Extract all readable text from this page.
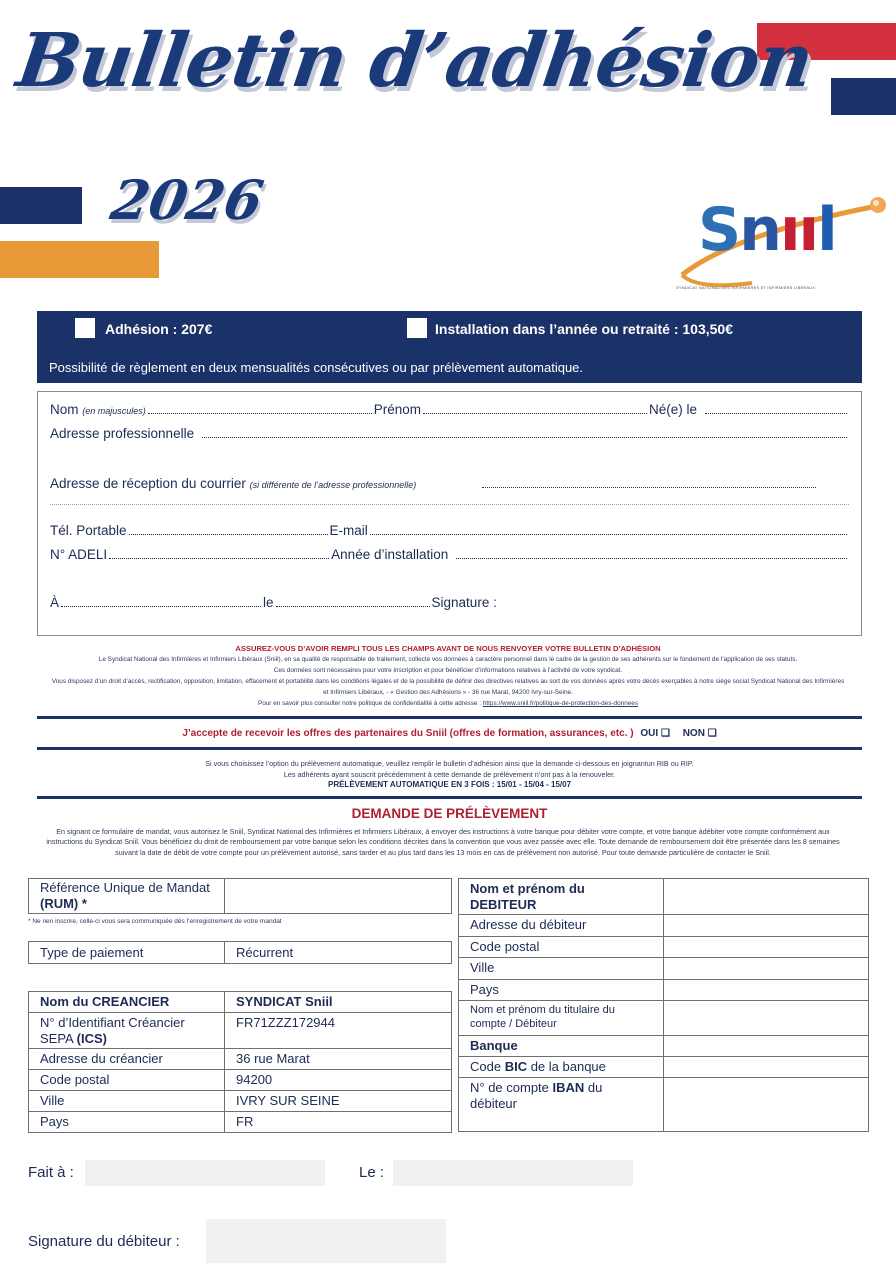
Bulletin d’adhésion
2026	Snııl
SYNDICAT NATIONAL DES INFIRMIÈRES ET INFIRMIERS LIBÉRAUX
Adhésion : 207€	Installation dans l’année ou retraité : 103,50€
Possibilité de règlement en deux mensualités consécutives ou par prélèvement automatique.
Nom (en majuscules)	Prénom	Né(e) le
Adresse professionnelle
Adresse de réception du courrier (si différente de l’adresse professionnelle)
Tél. Portable	E-mail
N° ADELI	Année d’installation
À	le	Signature :
ASSUREZ-VOUS D’AVOIR REMPLI TOUS LES CHAMPS AVANT DE NOUS RENVOYER VOTRE BULLETIN D’ADHÉSION
Le Syndicat National des Infirmières et Infirmiers Libéraux (Sniil), en sa qualité de responsable de traitement, collecte vos données à caractère personnel dans le cadre de la gestion de ses adhérents sur le fondement de l’application de ses statuts.
Ces données sont nécessaires pour votre inscription et pour bénéficier d’informations relatives à l’activité de votre syndicat.
Vous disposez d’un droit d’accès, rectification, opposition, limitation, effacement et portabilité dans les conditions légales et de la possibilité de définir des directives relatives au sort de vos données après votre décès exerçables à notre siège social Syndicat National des Infirmières
et Infirmiers Libéraux, - « Gestion des Adhésions » - 36 rue Marat, 94200 Ivry-sur-Seine.
Pour en savoir plus consulter notre politique de confidentialité à cette adresse : https://www.sniil.fr/politique-de-protection-des-donnees
J’accepte de recevoir les offres des partenaires du Sniil (offres de formation, assurances, etc. ) OUI ❑ NON ❑
Si vous choisissez l’option du prélèvement automatique, veuillez remplir le bulletin d’adhésion ainsi que la demande ci-dessous en joignantun RIB ou RIP.
Les adhérents ayant souscrit précédemment à cette demande de prélèvement n’ont pas à la renouveler.
PRÉLÈVEMENT AUTOMATIQUE EN 3 FOIS : 15/01 - 15/04 - 15/07
DEMANDE DE PRÉLÈVEMENT
En signant ce formulaire de mandat, vous autorisez le Sniil, Syndicat National des Infirmières et Infirmiers Libéraux, à envoyer des instructions à votre banque pour débiter votre compte, et votre banque àdébiter votre compte conformément aux instructions du Syndicat Sniil. Vous bénéficiez du droit de remboursement par votre banque selon les conditions décrites dans la convention que vous avez passée avec elle. Toute demande de remboursement doit être présentée dans les 8 semaines suivant la date de débit de votre compte pour un prélèvement autorisé, sans tarder et au plus tard dans les 13 mois en cas de prélèvement non autorisé. Pour toute demande particulière de contacter le Sniil.
Référence Unique de Mandat (RUM) *	
* Ne rien inscrire, celle-ci vous sera communiquée dès l’enregistrement de votre mandat
Type de paiement	Récurrent
Nom du CREANCIER	SYNDICAT Sniil
N° d’Identifiant Créancier SEPA (ICS)	FR71ZZZ172944
Adresse du créancier	36 rue Marat
Code postal	94200
Ville	IVRY SUR SEINE
Pays	FR
Nom et prénom du DEBITEUR	
Adresse du débiteur	
Code postal	
Ville	
Pays	
Nom et prénom du titulaire du compte / Débiteur	
Banque	
Code BIC de la banque	
N° de compte IBAN du débiteur	
Fait à :	Le :
Signature du débiteur :
